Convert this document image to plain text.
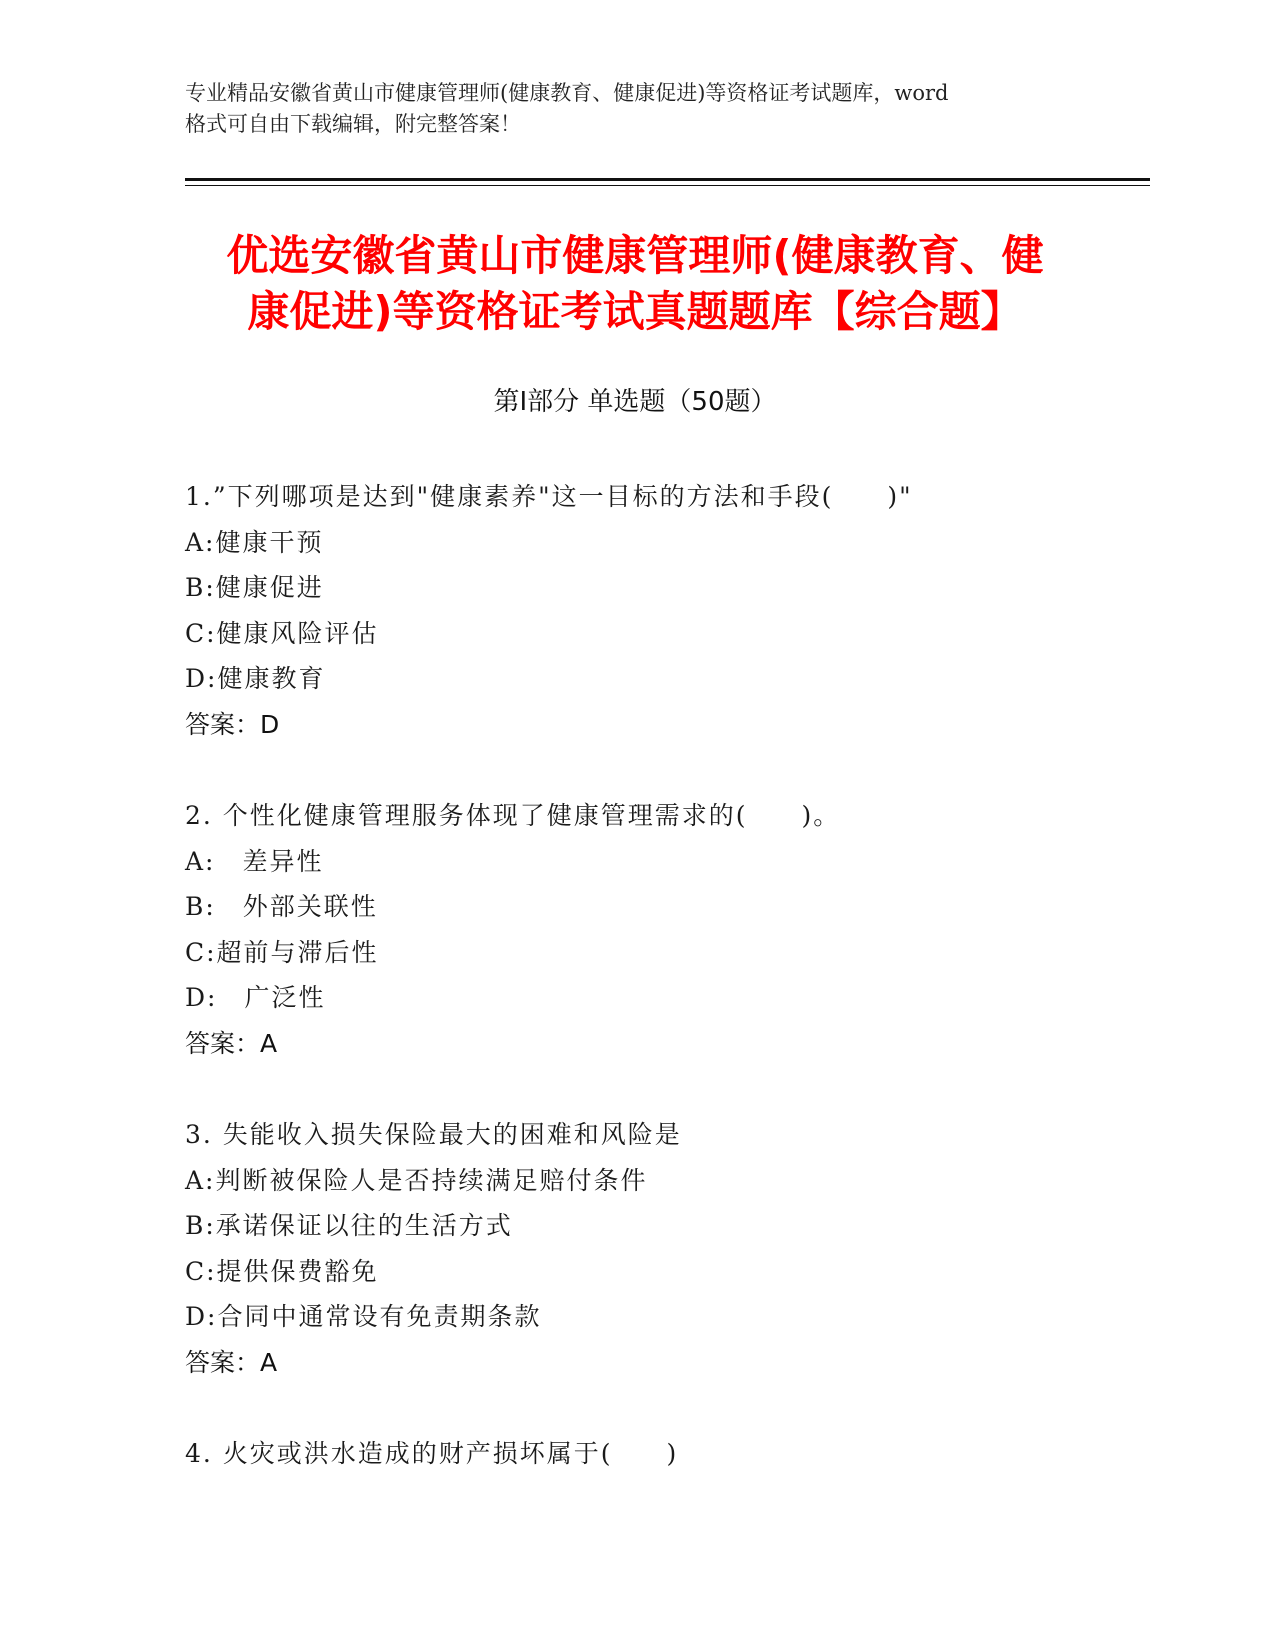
专业精品安徽省黄山市健康管理师(健康教育、健康促进)等资格证考试题库，word
格式可自由下载编辑，附完整答案！
优选安徽省黄山市健康管理师(健康教育、健
康促进)等资格证考试真题题库【综合题】
第Ⅰ部分 单选题（50题）
1.”下列哪项是达到"健康素养"这一目标的方法和手段(　　)"
A:健康干预
B:健康促进
C:健康风险评估
D:健康教育
答案：D
2. 个性化健康管理服务体现了健康管理需求的(　　)。
A:　差异性
B:　外部关联性
C:超前与滞后性
D:　广泛性
答案：A
3. 失能收入损失保险最大的困难和风险是
A:判断被保险人是否持续满足赔付条件
B:承诺保证以往的生活方式
C:提供保费豁免
D:合同中通常设有免责期条款
答案：A
4. 火灾或洪水造成的财产损坏属于(　　)
